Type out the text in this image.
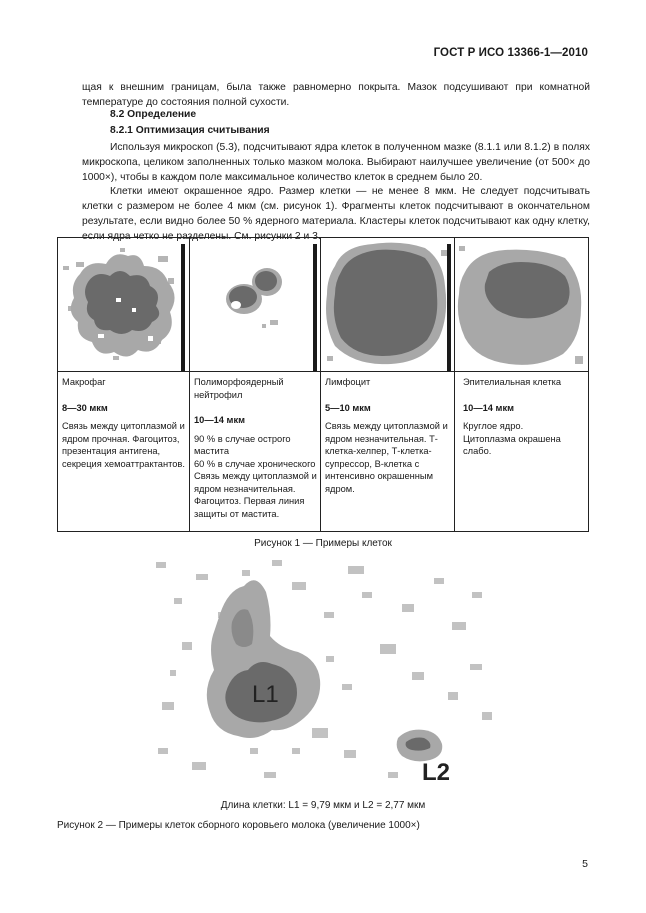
ГОСТ Р ИСО 13366-1—2010

щая к внешним границам, была также равномерно покрыта. Мазок подсушивают при комнатной температуре до состояния полной сухости.

8.2 Определение
8.2.1 Оптимизация считывания

Используя микроскоп (5.3), подсчитывают ядра клеток в полученном мазке (8.1.1 или 8.1.2) в полях микроскопа, целиком заполненных только мазком молока. Выбирают наилучшее увеличение (от 500× до 1000×), чтобы в каждом поле максимальное количество клеток в среднем было 20.

Клетки имеют окрашенное ядро. Размер клетки — не менее 8 мкм. Не следует подсчитывать клетки с размером не более 4 мкм (см. рисунок 1). Фрагменты клеток подсчитывают в окончательном результате, если видно более 50 % ядерного материала. Кластеры клеток подсчитывают как одну клетку, если ядра четко не разделены. См. рисунки 2 и 3.

Макрофаг
8—30 мкм
Связь между цитоплазмой и ядром прочная. Фагоцитоз, презентация антигена, секреция хемоаттрактантов.
Полиморфоядерный нейтрофил
10—14 мкм
90 % в случае острого мастита
60 % в случае хронического
Связь между цитоплазмой и ядром незначительная. Фагоцитоз. Первая линия защиты от мастита.
Лимфоцит
5—10 мкм
Связь между цитоплазмой и ядром незначительная. Т-клетка-хелпер, Т-клетка-супрессор, В-клетка с интенсивно окрашенным ядром.
Эпителиальная клетка
10—14 мкм
Круглое ядро.
Цитоплазма окрашена слабо.
Рисунок 1 — Примеры клеток
L1
L2
Длина клетки: L1 = 9,79 мкм и L2 = 2,77 мкм
Рисунок 2 — Примеры клеток сборного коровьего молока (увеличение 1000×)
5
